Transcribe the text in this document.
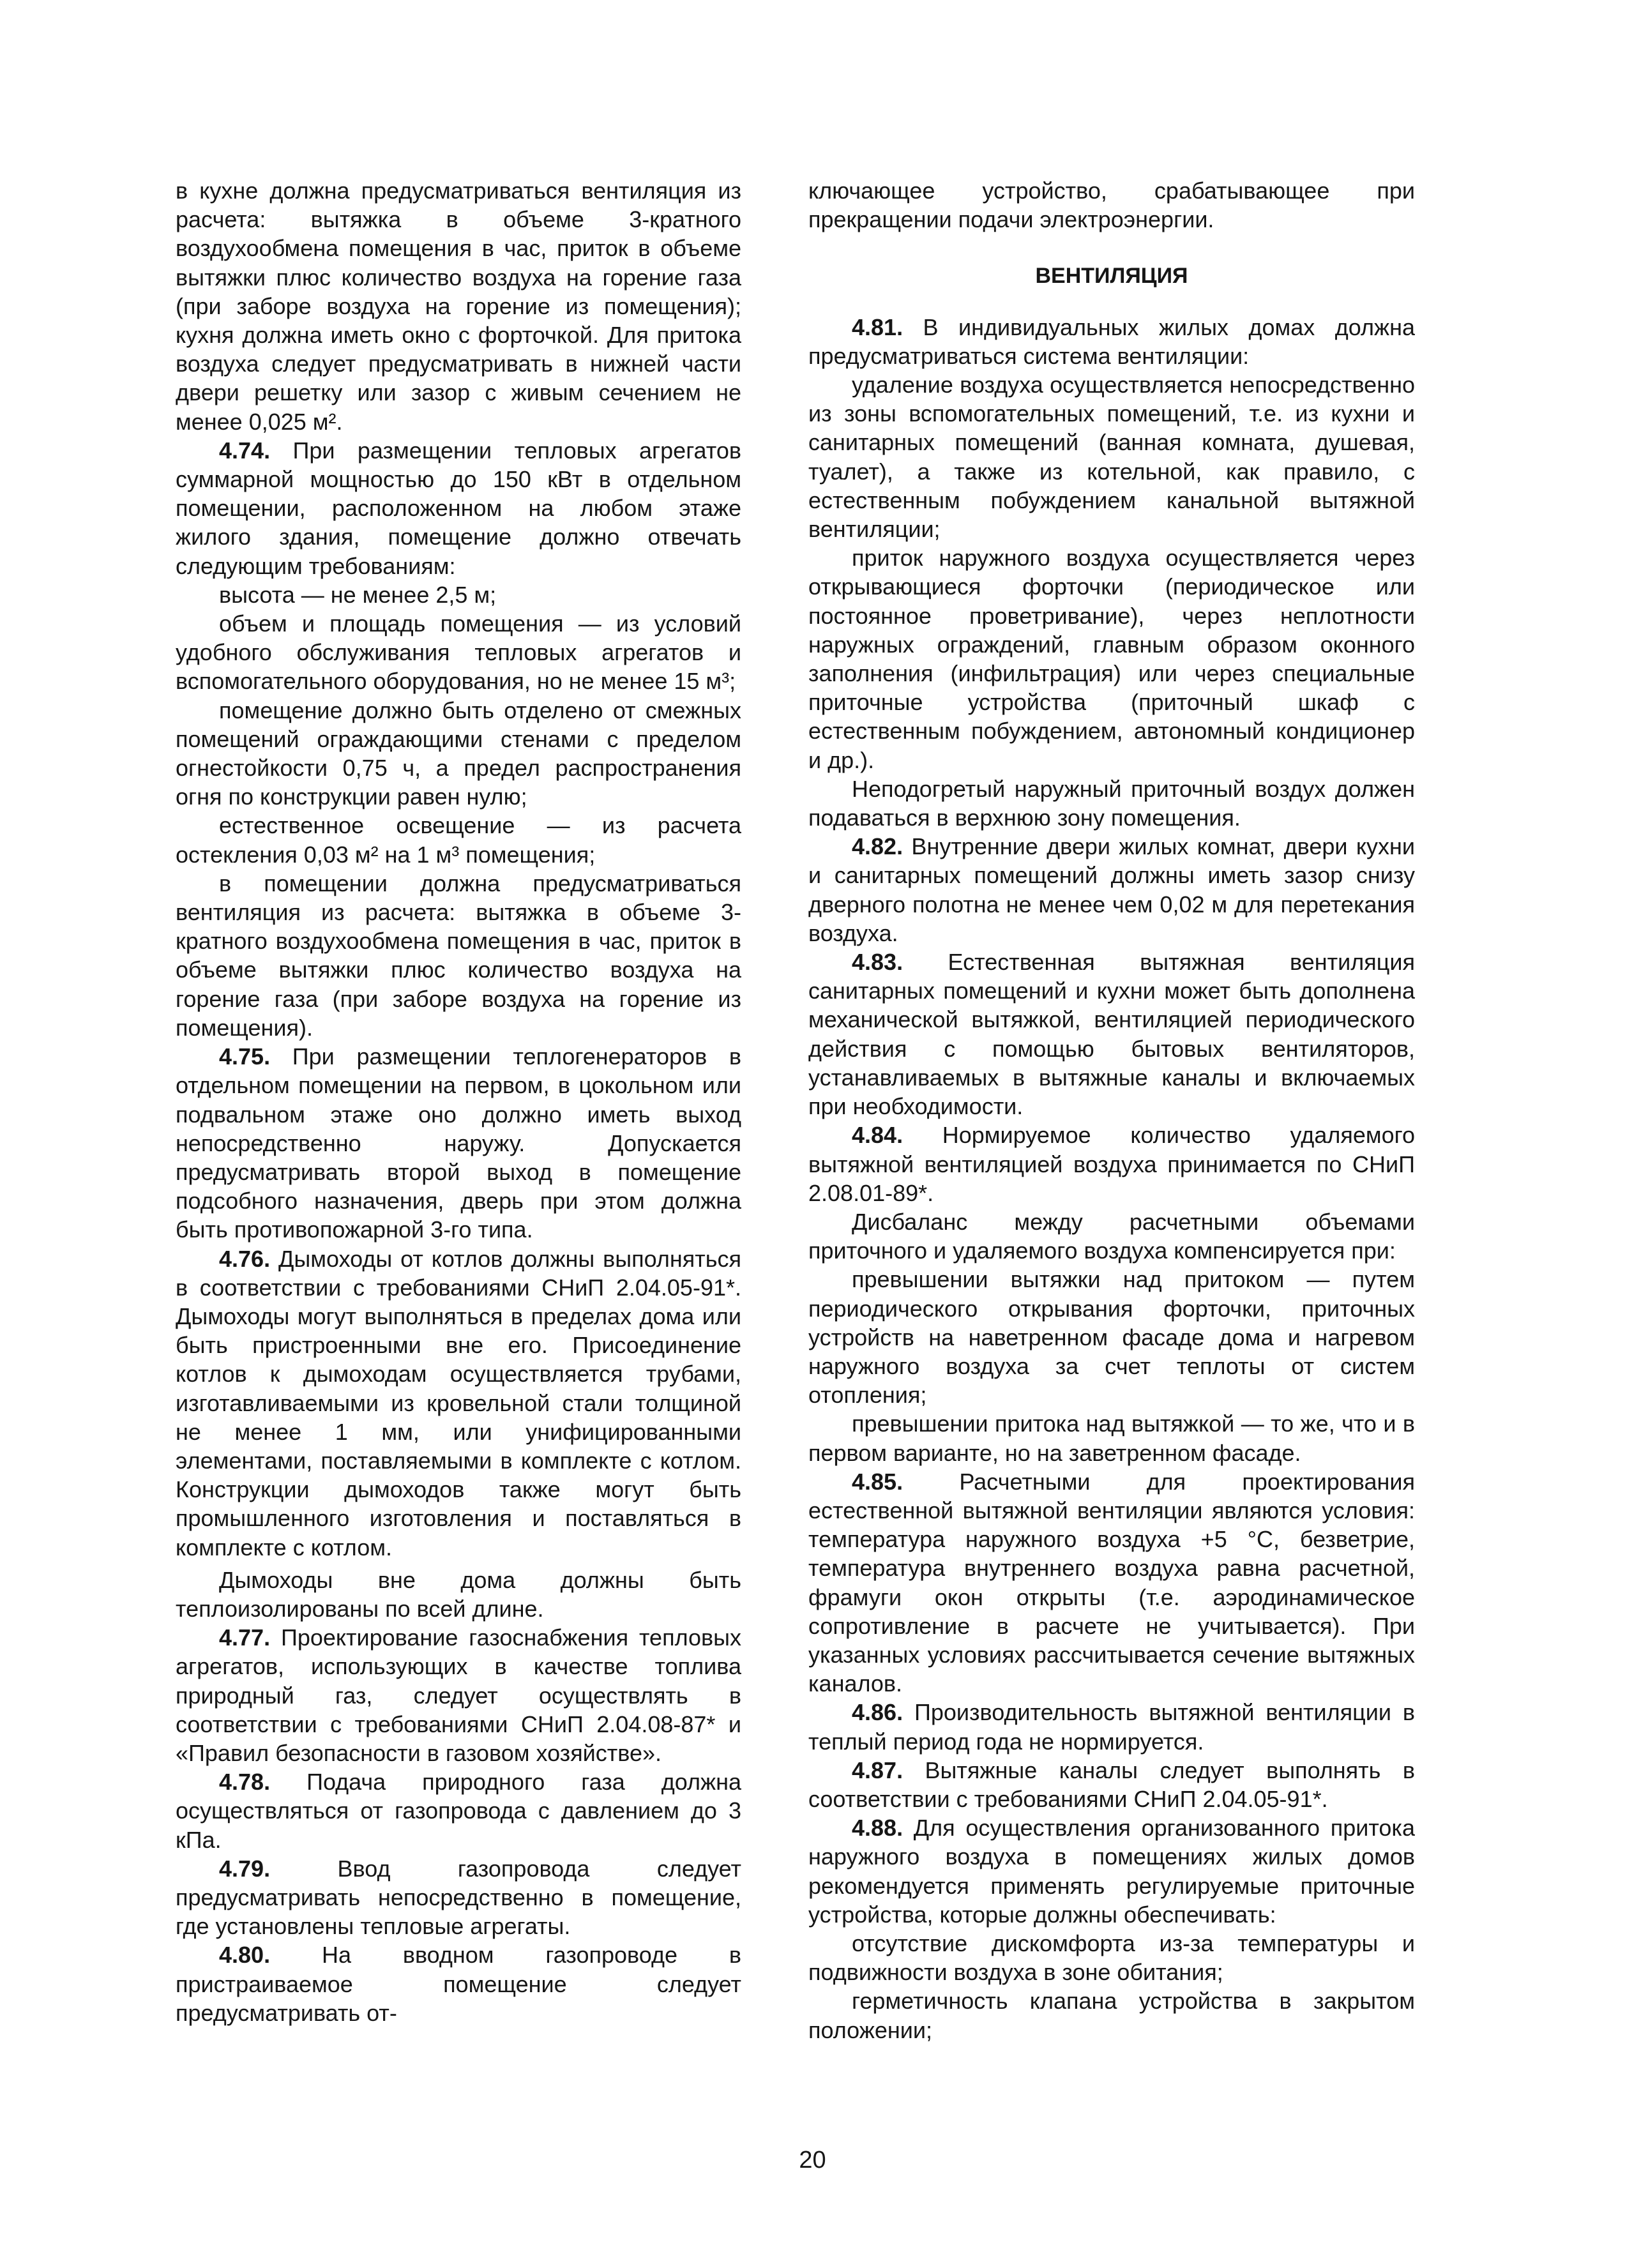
в кухне должна предусматриваться вентиляция из расчета: вытяжка в объеме 3-кратного воздухообмена помещения в час, приток в объеме вытяжки плюс количество воздуха на горение газа (при заборе воздуха на горение из помещения); кухня должна иметь окно с форточкой. Для притока воздуха следует предусматривать в нижней части двери решетку или зазор с живым сечением не менее 0,025 м².

4.74. При размещении тепловых агрегатов суммарной мощностью до 150 кВт в отдельном помещении, расположенном на любом этаже жилого здания, помещение должно отвечать следующим требованиям:

высота — не менее 2,5 м;

объем и площадь помещения — из условий удобного обслуживания тепловых агрегатов и вспомогательного оборудования, но не менее 15 м³;

помещение должно быть отделено от смежных помещений ограждающими стенами с пределом огнестойкости 0,75 ч, а предел распространения огня по конструкции равен нулю;

естественное освещение — из расчета остекления 0,03 м² на 1 м³ помещения;

в помещении должна предусматриваться вентиляция из расчета: вытяжка в объеме 3-кратного воздухообмена помещения в час, приток в объеме вытяжки плюс количество воздуха на горение газа (при заборе воздуха на горение из помещения).

4.75. При размещении теплогенераторов в отдельном помещении на первом, в цокольном или подвальном этаже оно должно иметь выход непосредственно наружу. Допускается предусматривать второй выход в помещение подсобного назначения, дверь при этом должна быть противопожарной 3-го типа.

4.76. Дымоходы от котлов должны выполняться в соответствии с требованиями СНиП 2.04.05-91*. Дымоходы могут выполняться в пределах дома или быть пристроенными вне его. Присоединение котлов к дымоходам осуществляется трубами, изготавливаемыми из кровельной стали толщиной не менее 1 мм, или унифицированными элементами, поставляемыми в комплекте с котлом. Конструкции дымоходов также могут быть промышленного изготовления и поставляться в комплекте с котлом.

Дымоходы вне дома должны быть теплоизолированы по всей длине.

4.77. Проектирование газоснабжения тепловых агрегатов, использующих в качестве топлива природный газ, следует осуществлять в соответствии с требованиями СНиП 2.04.08-87* и «Правил безопасности в газовом хозяйстве».

4.78. Подача природного газа должна осуществляться от газопровода с давлением до 3 кПа.

4.79. Ввод газопровода следует предусматривать непосредственно в помещение, где установлены тепловые агрегаты.

4.80. На вводном газопроводе в пристраиваемое помещение следует предусматривать от-

ключающее устройство, срабатывающее при прекращении подачи электроэнергии.

ВЕНТИЛЯЦИЯ

4.81. В индивидуальных жилых домах должна предусматриваться система вентиляции:

удаление воздуха осуществляется непосредственно из зоны вспомогательных помещений, т.е. из кухни и санитарных помещений (ванная комната, душевая, туалет), а также из котельной, как правило, с естественным побуждением канальной вытяжной вентиляции;

приток наружного воздуха осуществляется через открывающиеся форточки (периодическое или постоянное проветривание), через неплотности наружных ограждений, главным образом оконного заполнения (инфильтрация) или через специальные приточные устройства (приточный шкаф с естественным побуждением, автономный кондиционер и др.).

Неподогретый наружный приточный воздух должен подаваться в верхнюю зону помещения.

4.82. Внутренние двери жилых комнат, двери кухни и санитарных помещений должны иметь зазор снизу дверного полотна не менее чем 0,02 м для перетекания воздуха.

4.83. Естественная вытяжная вентиляция санитарных помещений и кухни может быть дополнена механической вытяжкой, вентиляцией периодического действия с помощью бытовых вентиляторов, устанавливаемых в вытяжные каналы и включаемых при необходимости.

4.84. Нормируемое количество удаляемого вытяжной вентиляцией воздуха принимается по СНиП 2.08.01-89*.

Дисбаланс между расчетными объемами приточного и удаляемого воздуха компенсируется при:

превышении вытяжки над притоком — путем периодического открывания форточки, приточных устройств на наветренном фасаде дома и нагревом наружного воздуха за счет теплоты от систем отопления;

превышении притока над вытяжкой — то же, что и в первом варианте, но на заветренном фасаде.

4.85. Расчетными для проектирования естественной вытяжной вентиляции являются условия: температура наружного воздуха +5 °С, безветрие, температура внутреннего воздуха равна расчетной, фрамуги окон открыты (т.е. аэродинамическое сопротивление в расчете не учитывается). При указанных условиях рассчитывается сечение вытяжных каналов.

4.86. Производительность вытяжной вентиляции в теплый период года не нормируется.

4.87. Вытяжные каналы следует выполнять в соответствии с требованиями СНиП 2.04.05-91*.

4.88. Для осуществления организованного притока наружного воздуха в помещениях жилых домов рекомендуется применять регулируемые приточные устройства, которые должны обеспечивать:

отсутствие дискомфорта из-за температуры и подвижности воздуха в зоне обитания;

герметичность клапана устройства в закрытом положении;

20
